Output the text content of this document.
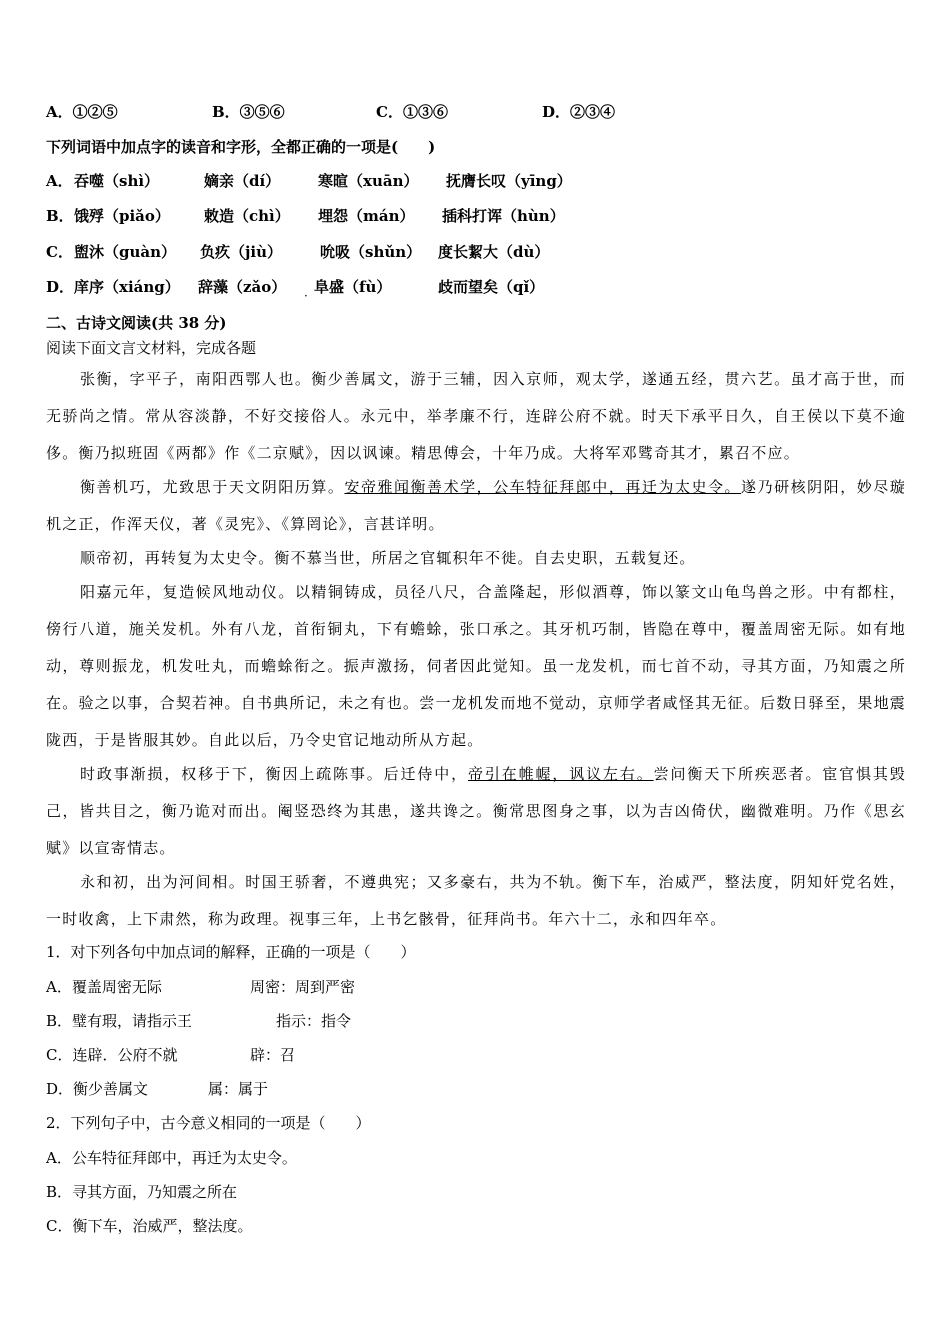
A．①②⑤	B．③⑤⑥	C．①③⑥	D．②③④
下列词语中加点字的读音和字形，全都正确的一项是(　　)
A． 吞噬（shì）	嫡亲（dí）	寒暄（xuān） 抚膺长叹（yīng）
B． 饿殍（piǎo） 敕造（chì） 埋怨（mán） 插科打诨（hùn）
C． 盥沐（guàn） 负疚（jiù）	吮吸（shǔn） 度长絜大（dù）
D． 庠序（xiáng） 辞藻（zǎo） 阜盛（fù）	歧而望矣（qǐ）
·
二、古诗文阅读(共 38 分)
阅读下面文言文材料，完成各题
张衡，字平子，南阳西鄂人也。衡少善属文，游于三辅，因入京师，观太学，遂通五经，贯六艺。虽才高于世，而无骄尚之情。常从容淡静，不好交接俗人。永元中，举孝廉不行，连辟公府不就。时天下承平日久，自王侯以下莫不逾侈。衡乃拟班固《两都》作《二京赋》，因以讽谏。精思傅会，十年乃成。大将军邓骘奇其才，累召不应。
衡善机巧，尤致思于天文阴阳历算。安帝雅闻衡善术学，公车特征拜郎中，再迁为太史令。遂乃研核阴阳，妙尽璇机之正，作浑天仪，著《灵宪》、《算罔论》，言甚详明。
顺帝初，再转复为太史令。衡不慕当世，所居之官辄积年不徙。自去史职，五载复还。
阳嘉元年，复造候风地动仪。以精铜铸成，员径八尺，合盖隆起，形似酒尊，饰以篆文山龟鸟兽之形。中有都柱，傍行八道，施关发机。外有八龙，首衔铜丸，下有蟾蜍，张口承之。其牙机巧制，皆隐在尊中，覆盖周密无际。如有地动，尊则振龙，机发吐丸，而蟾蜍衔之。振声激扬，伺者因此觉知。虽一龙发机，而七首不动，寻其方面，乃知震之所在。验之以事，合契若神。自书典所记，未之有也。尝一龙机发而地不觉动，京师学者咸怪其无征。后数日驿至，果地震陇西，于是皆服其妙。自此以后，乃令史官记地动所从方起。
时政事渐损，权移于下，衡因上疏陈事。后迁侍中，帝引在帷幄，讽议左右。尝问衡天下所疾恶者。宦官惧其毁己，皆共目之，衡乃诡对而出。阉竖恐终为其患，遂共谗之。衡常思图身之事，以为吉凶倚伏，幽微难明。乃作《思玄赋》以宣寄情志。
永和初，出为河间相。时国王骄奢，不遵典宪；又多豪右，共为不轨。衡下车，治威严，整法度，阴知奸党名姓，一时收禽，上下肃然，称为政理。视事三年，上书乞骸骨，征拜尚书。年六十二，永和四年卒。
1．对下列各句中加点词的解释，正确的一项是（　　）
A．覆盖周密无际	周密：周到严密
B．璧有瑕，请指示王	指示：指令
C．连辟．公府不就	辟：召
D．衡少善属文	属：属于
2．下列句子中，古今意义相同的一项是（　　）
A．公车特征拜郎中，再迁为太史令。
B．寻其方面，乃知震之所在
C．衡下车，治威严，整法度。
